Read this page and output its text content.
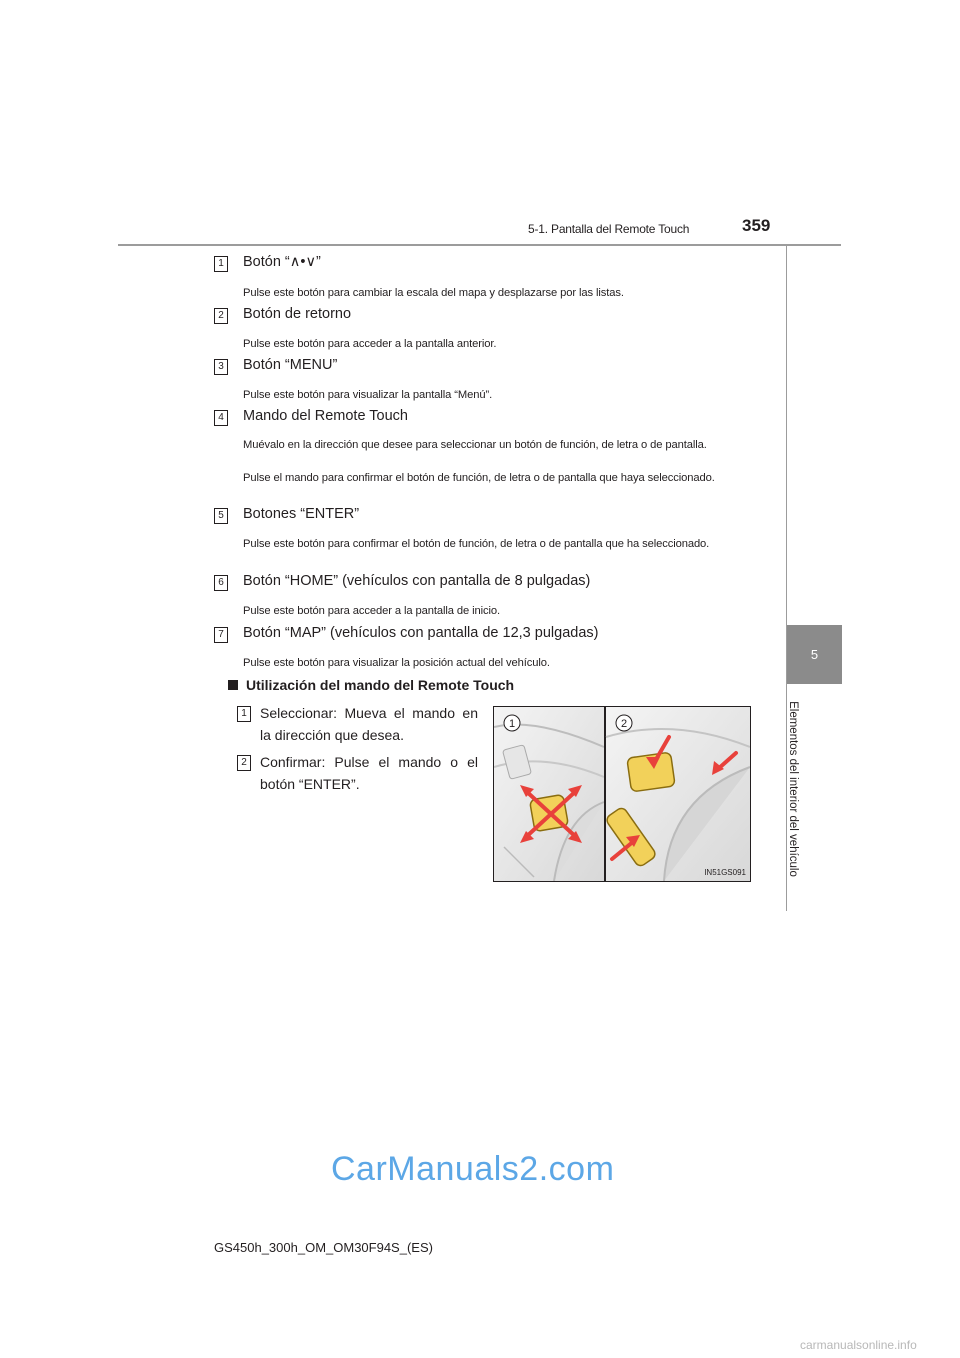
5-1. Pantalla del Remote Touch	359
5
Elementos del interior del vehículo
1 Botón “∧•∨”
Pulse este botón para cambiar la escala del mapa y desplazarse por las listas.
2 Botón de retorno
Pulse este botón para acceder a la pantalla anterior.
3 Botón “MENU”
Pulse este botón para visualizar la pantalla “Menú”.
4 Mando del Remote Touch
Muévalo en la dirección que desee para seleccionar un botón de función, de letra o de pantalla.
Pulse el mando para confirmar el botón de función, de letra o de pantalla que haya seleccionado.
5 Botones “ENTER”
Pulse este botón para confirmar el botón de función, de letra o de pantalla que ha seleccionado.
6 Botón “HOME” (vehículos con pantalla de 8 pulgadas)
Pulse este botón para acceder a la pantalla de inicio.
7 Botón “MAP” (vehículos con pantalla de 12,3 pulgadas)
Pulse este botón para visualizar la posición actual del vehículo.
Utilización del mando del Remote Touch
1 Seleccionar: Mueva el mando en la dirección que desea.
2 Confirmar: Pulse el mando o el botón “ENTER”.
1	2
IN51GS091
CarManuals2.com
GS450h_300h_OM_OM30F94S_(ES)
carmanualsonline.info
